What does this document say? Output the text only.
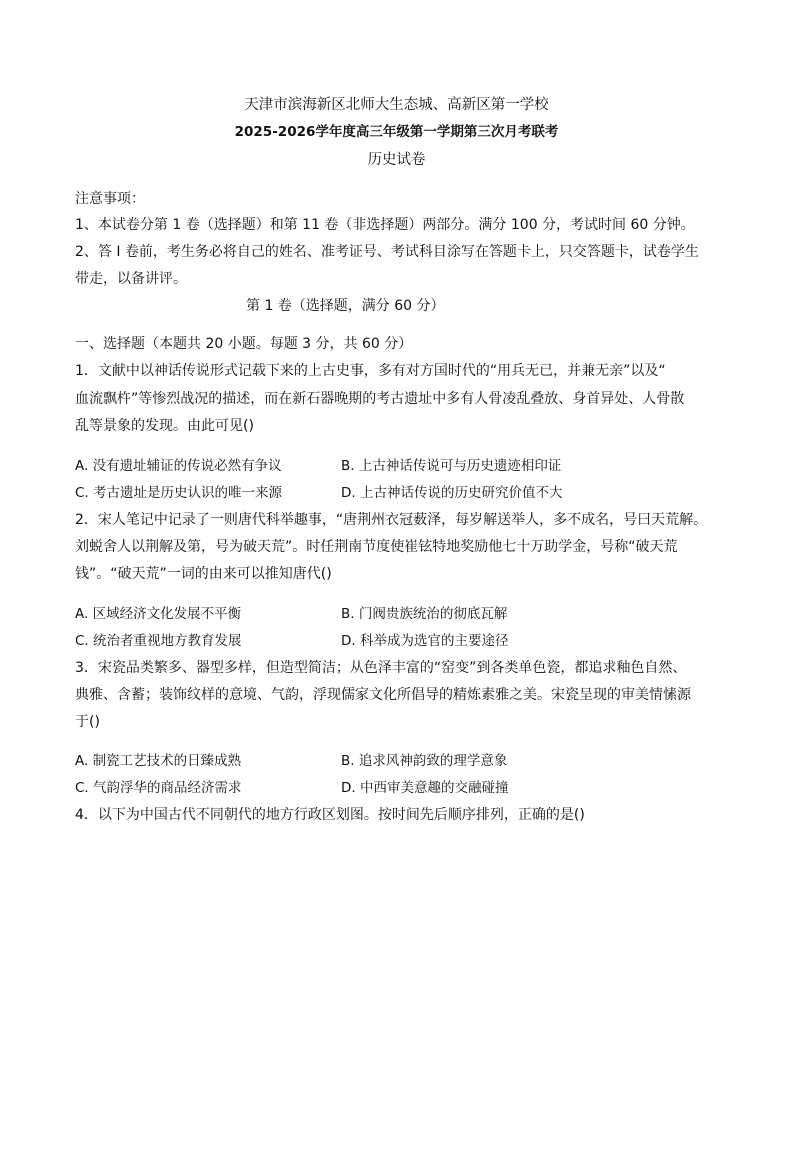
天津市滨海新区北师大生态城、高新区第一学校
2025-2026学年度高三年级第一学期第三次月考联考
历史试卷
注意事项：
1、本试卷分第 1 卷（选择题）和第 11 卷（非选择题）两部分。满分 100 分，考试时间 60 分钟。
2、答 I 卷前，考生务必将自己的姓名、准考证号、考试科目涂写在答题卡上，只交答题卡，试卷学生
带走，以备讲评。
第 1 卷（选择题，满分 60 分）
一、选择题（本题共 20 小题。每题 3 分，共 60 分）
1．文献中以神话传说形式记载下来的上古史事，多有对方国时代的“用兵无已，并兼无亲”以及“
血流飘杵”等惨烈战况的描述，而在新石器晚期的考古遗址中多有人骨凌乱叠放、身首异处、人骨散
乱等景象的发现。由此可见()
A. 没有遗址辅证的传说必然有争议	B. 上古神话传说可与历史遗迹相印证
C. 考古遗址是历史认识的唯一来源	D. 上古神话传说的历史研究价值不大
2．宋人笔记中记录了一则唐代科举趣事，“唐荆州衣冠薮泽，每岁解送举人，多不成名，号曰天荒解。
刘蜕舍人以荆解及第，号为破天荒”。时任荆南节度使崔铉特地奖励他七十万助学金，号称“破天荒
钱”。“破天荒”一词的由来可以推知唐代()
A. 区域经济文化发展不平衡	B. 门阀贵族统治的彻底瓦解
C. 统治者重视地方教育发展	D. 科举成为选官的主要途径
3．宋瓷品类繁多、器型多样，但造型简洁；从色泽丰富的“窑变”到各类单色瓷，都追求釉色自然、
典雅、含蓄；装饰纹样的意境、气韵，浮现儒家文化所倡导的精炼素雅之美。宋瓷呈现的审美情愫源
于()
A. 制瓷工艺技术的日臻成熟	B. 追求风神韵致的理学意象
C. 气韵浮华的商品经济需求	D. 中西审美意趣的交融碰撞
4．以下为中国古代不同朝代的地方行政区划图。按时间先后顺序排列，正确的是()
